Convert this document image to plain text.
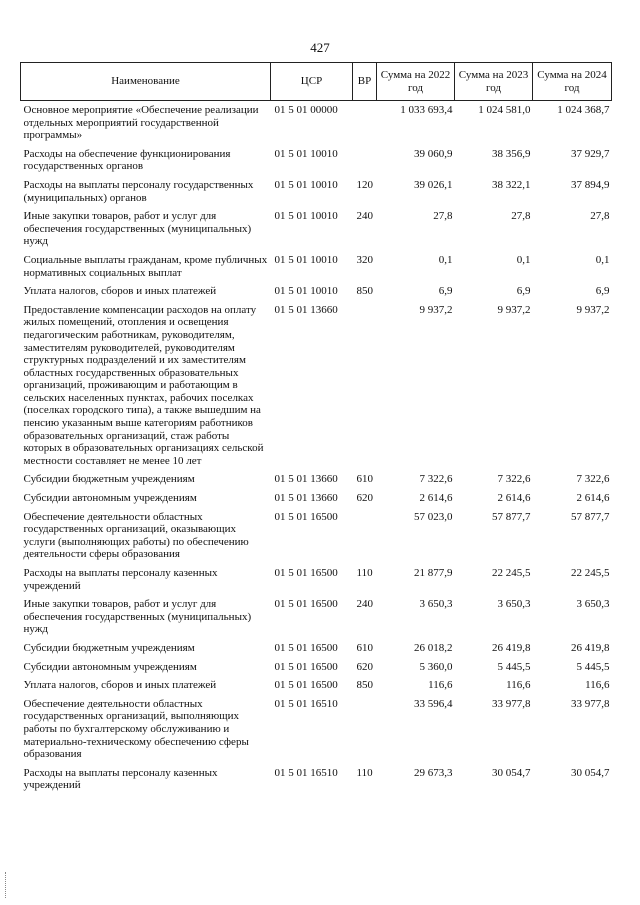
427
Наименование	ЦСР	ВР	Сумма на 2022 год	Сумма на 2023 год	Сумма на 2024 год
Основное мероприятие «Обеспечение реализации отдельных мероприятий государственной программы»	01 5 01 00000		1 033 693,4	1 024 581,0	1 024 368,7
Расходы на обеспечение функционирования государственных органов	01 5 01 10010		39 060,9	38 356,9	37 929,7
Расходы на выплаты персоналу государственных (муниципальных) органов	01 5 01 10010	120	39 026,1	38 322,1	37 894,9
Иные закупки товаров, работ и услуг для обеспечения государственных (муниципальных) нужд	01 5 01 10010	240	27,8	27,8	27,8
Социальные выплаты гражданам, кроме публичных нормативных социальных выплат	01 5 01 10010	320	0,1	0,1	0,1
Уплата налогов, сборов и иных платежей	01 5 01 10010	850	6,9	6,9	6,9
Предоставление компенсации расходов на оплату жилых помещений, отопления и освещения педагогическим работникам, руководителям, заместителям руководителей, руководителям структурных подразделений и их заместителям областных государственных образовательных организаций, проживающим и работающим в сельских населенных пунктах, рабочих поселках (поселках городского типа), а также вышедшим на пенсию указанным выше категориям работников образовательных организаций, стаж работы которых в образовательных организациях сельской местности составляет не менее 10 лет	01 5 01 13660		9 937,2	9 937,2	9 937,2
Субсидии бюджетным учреждениям	01 5 01 13660	610	7 322,6	7 322,6	7 322,6
Субсидии автономным учреждениям	01 5 01 13660	620	2 614,6	2 614,6	2 614,6
Обеспечение деятельности областных государственных организаций, оказывающих услуги (выполняющих работы) по обеспечению деятельности сферы образования	01 5 01 16500		57 023,0	57 877,7	57 877,7
Расходы на выплаты персоналу казенных учреждений	01 5 01 16500	110	21 877,9	22 245,5	22 245,5
Иные закупки товаров, работ и услуг для обеспечения государственных (муниципальных) нужд	01 5 01 16500	240	3 650,3	3 650,3	3 650,3
Субсидии бюджетным учреждениям	01 5 01 16500	610	26 018,2	26 419,8	26 419,8
Субсидии автономным учреждениям	01 5 01 16500	620	5 360,0	5 445,5	5 445,5
Уплата налогов, сборов и иных платежей	01 5 01 16500	850	116,6	116,6	116,6
Обеспечение деятельности областных государственных организаций, выполняющих работы по бухгалтерскому обслуживанию и материально-техническому обеспечению сферы образования	01 5 01 16510		33 596,4	33 977,8	33 977,8
Расходы на выплаты персоналу казенных учреждений	01 5 01 16510	110	29 673,3	30 054,7	30 054,7
